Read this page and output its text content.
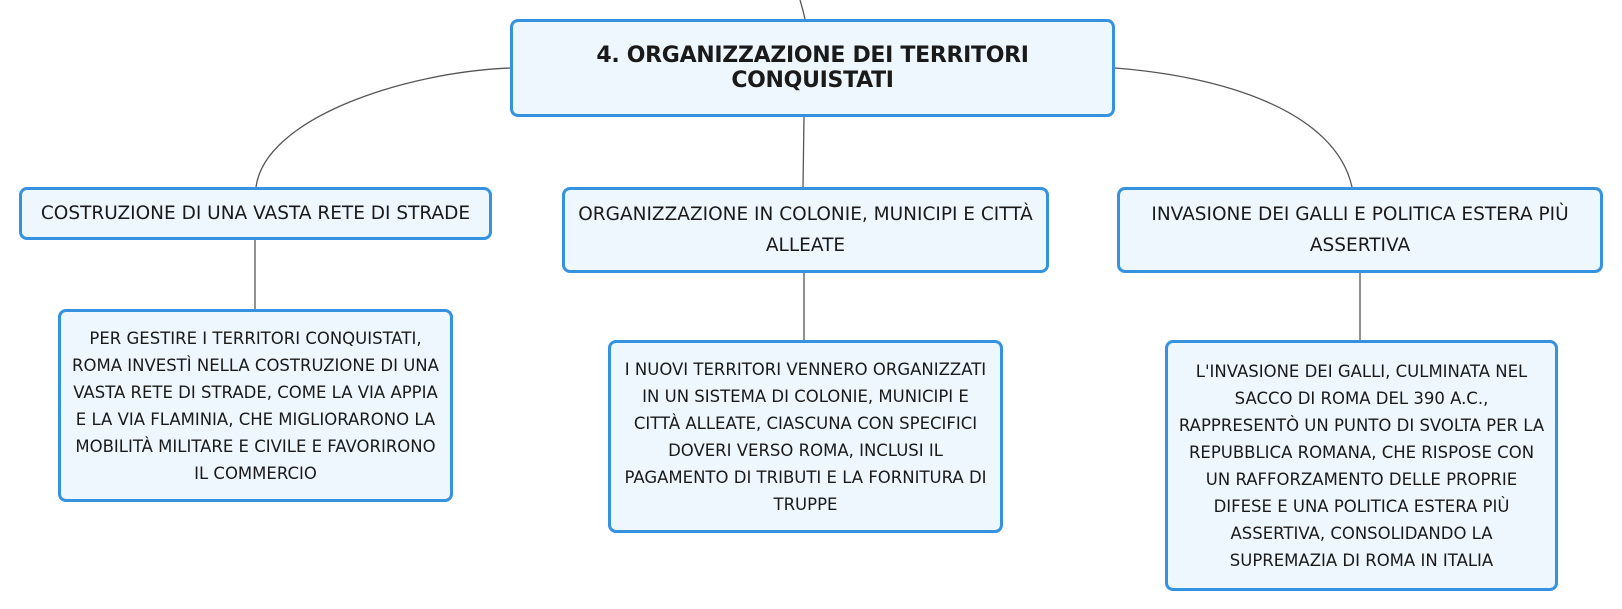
4. ORGANIZZAZIONE DEI TERRITORI CONQUISTATI
COSTRUZIONE DI UNA VASTA RETE DI STRADE	ORGANIZZAZIONE IN COLONIE, MUNICIPI E CITTÀ ALLEATE
INVASIONE DEI GALLI E POLITICA ESTERA PIÙ ASSERTIVA
PER GESTIRE I TERRITORI CONQUISTATI, ROMA INVESTÌ NELLA COSTRUZIONE DI UNA VASTA RETE DI STRADE, COME LA VIA APPIA E LA VIA FLAMINIA, CHE MIGLIORARONO LA MOBILITÀ MILITARE E CIVILE E FAVORIRONO IL COMMERCIO
I NUOVI TERRITORI VENNERO ORGANIZZATI IN UN SISTEMA DI COLONIE, MUNICIPI E CITTÀ ALLEATE, CIASCUNA CON SPECIFICI DOVERI VERSO ROMA, INCLUSI IL PAGAMENTO DI TRIBUTI E LA FORNITURA DI TRUPPE
L'INVASIONE DEI GALLI, CULMINATA NEL SACCO DI ROMA DEL 390 A.C., RAPPRESENTÒ UN PUNTO DI SVOLTA PER LA REPUBBLICA ROMANA, CHE RISPOSE CON UN RAFFORZAMENTO DELLE PROPRIE DIFESE E UNA POLITICA ESTERA PIÙ ASSERTIVA, CONSOLIDANDO LA SUPREMAZIA DI ROMA IN ITALIA
